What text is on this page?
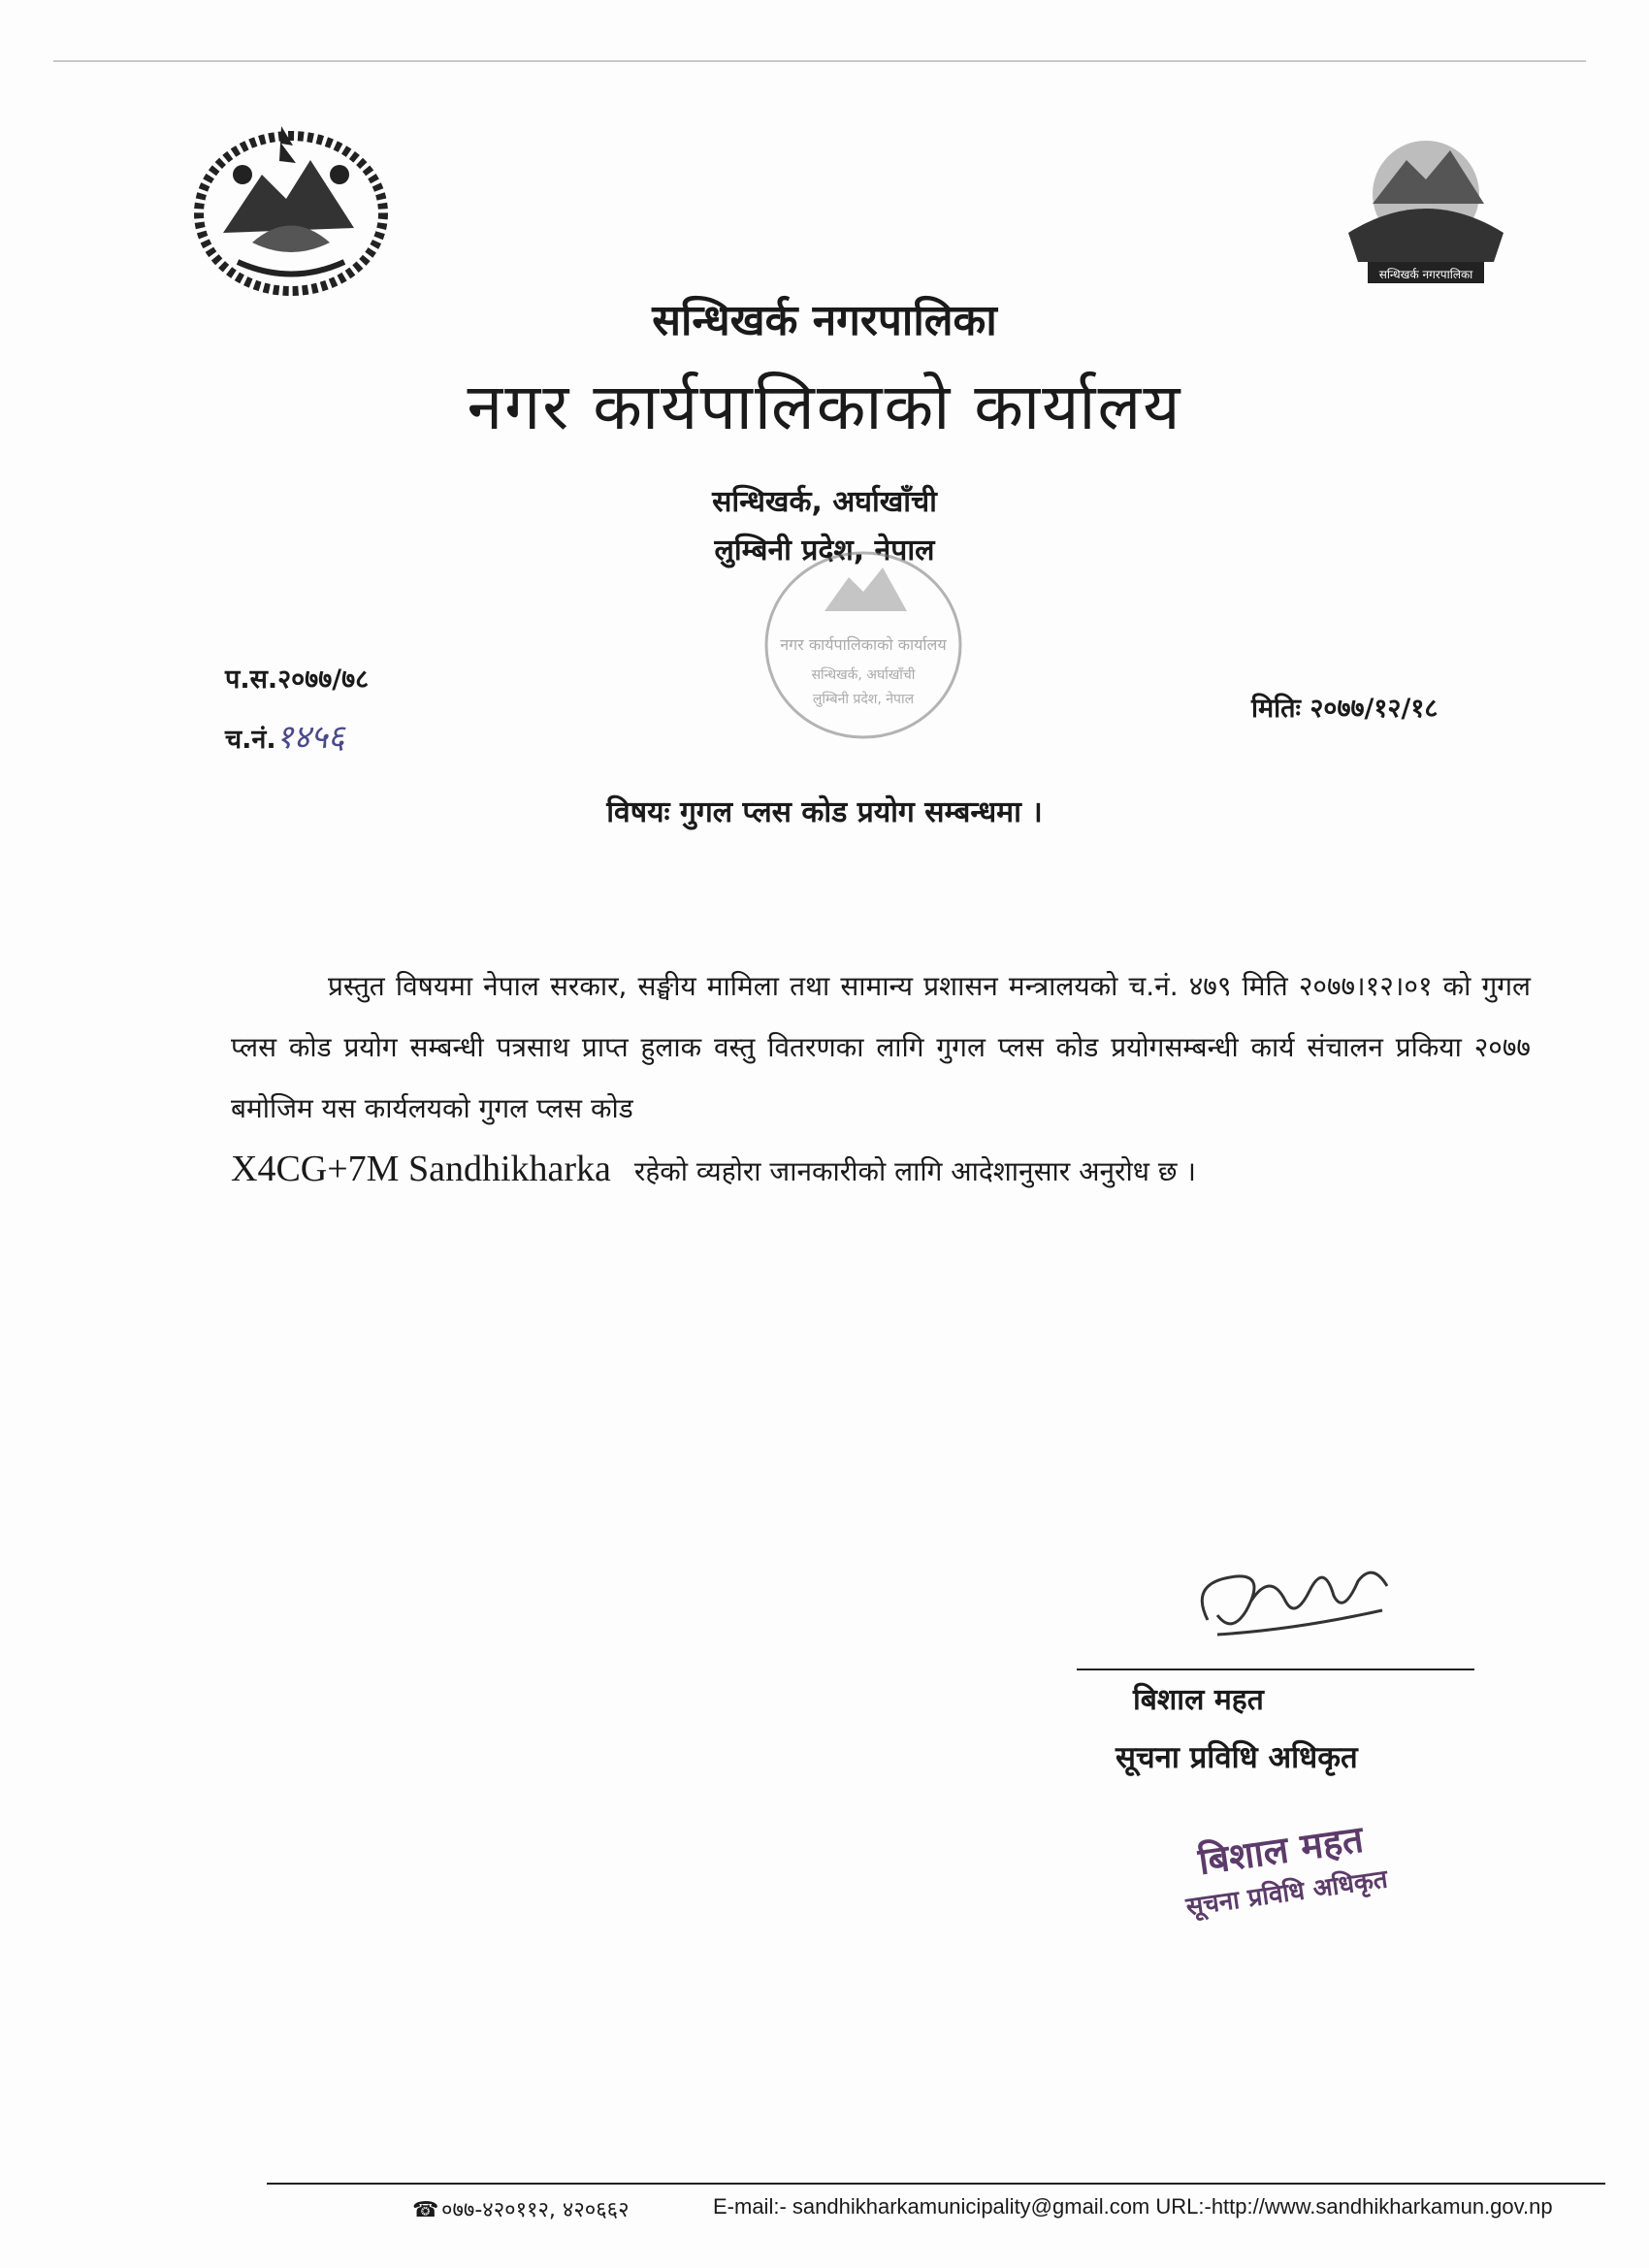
सन्धिखर्क नगरपालिका
सन्धिखर्क नगरपालिका
नगर कार्यपालिकाको कार्यालय
सन्धिखर्क, अर्घाखाँची
लुम्बिनी प्रदेश, नेपाल
नगर कार्यपालिकाको कार्यालय
सन्धिखर्क, अर्घाखाँची
लुम्बिनी प्रदेश, नेपाल
प.स.२०७७/७८
च.नं.१४५६
मितिः २०७७/१२/१८
विषयः गुगल प्लस कोड प्रयोग सम्बन्धमा ।
प्रस्तुत विषयमा नेपाल सरकार, सङ्घीय मामिला तथा सामान्य प्रशासन मन्त्रालयको च.नं. ४७९ मिति २०७७।१२।०१ को गुगल प्लस कोड प्रयोग सम्बन्धी पत्रसाथ प्राप्त हुलाक वस्तु वितरणका लागि गुगल प्लस कोड प्रयोगसम्बन्धी कार्य संचालन प्रकिया २०७७ बमोजिम यस कार्यलयको गुगल प्लस कोड
X4CG+7M Sandhikharka रहेको व्यहोरा जानकारीको लागि आदेशानुसार अनुरोध छ ।
बिशाल महत
सूचना प्रविधि अधिकृत
बिशाल महत
सूचना प्रविधि अधिकृत
☎ ०७७-४२०११२, ४२०६६२	E-mail:- sandhikharkamunicipality@gmail.com URL:-http://www.sandhikharkamun.gov.np
